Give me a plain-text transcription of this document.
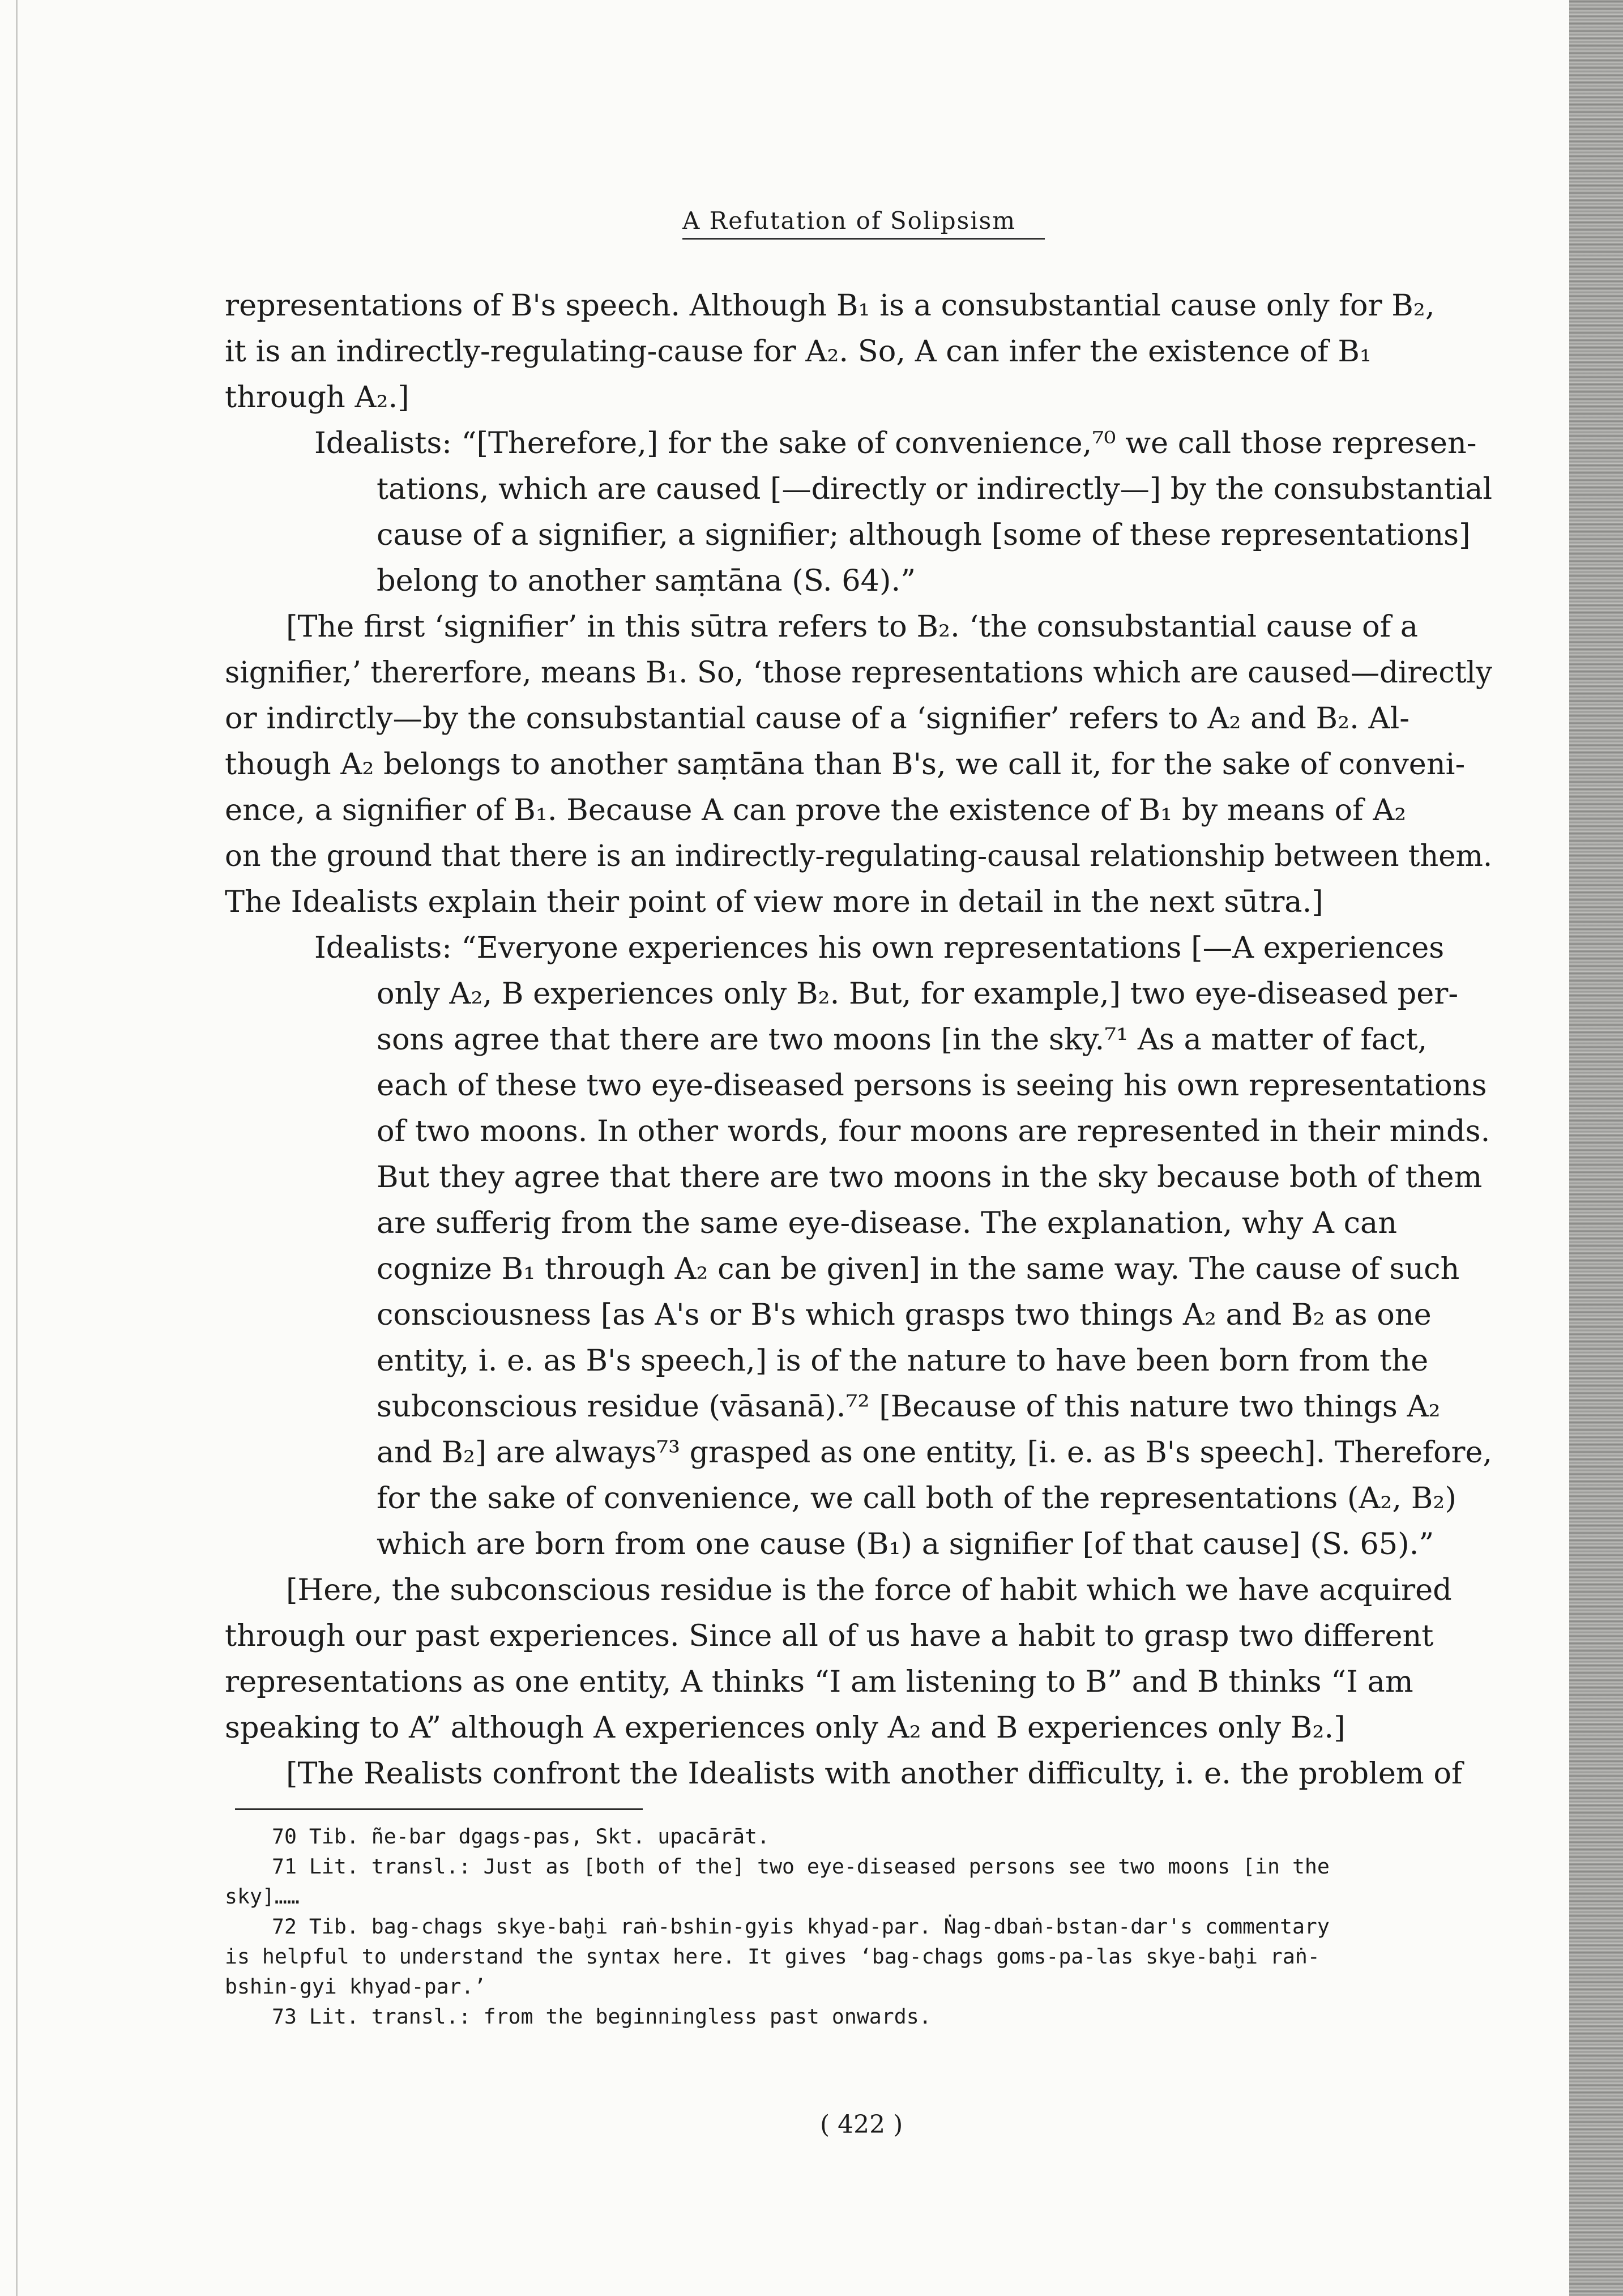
A Refutation of Solipsism
representations of B's speech. Although B₁ is a consubstantial cause only for B₂,
it is an indirectly-regulating-cause for A₂. So, A can infer the existence of B₁
through A₂.]
Idealists: “[Therefore,] for the sake of convenience,⁷⁰ we call those represen-
tations, which are caused [—directly or indirectly—] by the consubstantial
cause of a signifier, a signifier; although [some of these representations]
belong to another saṃtāna (S. 64).”
[The first ‘signifier’ in this sūtra refers to B₂. ‘the consubstantial cause of a
signifier,’ thererforе, means B₁. So, ‘those representations which are caused—directly
or indirctly—by the consubstantial cause of a ‘signifier’ refers to A₂ and B₂. Al-
though A₂ belongs to another saṃtāna than B's, we call it, for the sake of conveni-
ence, a signifier of B₁. Because A can prove the existence of B₁ by means of A₂
on the ground that there is an indirectly-regulating-causal relationship between them.
The Idealists explain their point of view more in detail in the next sūtra.]
Idealists: “Everyone experiences his own representations [—A experiences
only A₂, B experiences only B₂. But, for example,] two eye-diseased per-
sons agree that there are two moons [in the sky.⁷¹ As a matter of fact,
each of these two eye-diseased persons is seeing his own representations
of two moons. In other words, four moons are represented in their minds.
But they agree that there are two moons in the sky because both of them
are sufferig from the same eye-disease. The explanation, why A can
cognize B₁ through A₂ can be given] in the same way. The cause of such
consciousness [as A's or B's which grasps two things A₂ and B₂ as one
entity, i. e. as B's speech,] is of the nature to have been born from the
subconscious residue (vāsanā).⁷² [Because of this nature two things A₂
and B₂] are always⁷³ grasped as one entity, [i. e. as B's speech]. Therefore,
for the sake of convenience, we call both of the representations (A₂, B₂)
which are born from one cause (B₁) a signifier [of that cause] (S. 65).”
[Here, the subconscious residue is the force of habit which we have acquired
through our past experiences. Since all of us have a habit to grasp two different
representations as one entity, A thinks “I am listening to B” and B thinks “I am
speaking to A” although A experiences only A₂ and B experiences only B₂.]
[The Realists confront the Idealists with another difficulty, i. e. the problem of
70 Tib. ñe-bar dgags-pas, Skt. upacārāt.
71 Lit. transl.: Just as [both of the] two eye-diseased persons see two moons [in the
sky]……
72 Tib. bag-chags skye-baḫi raṅ-bshin-gyis khyad-par. Ṅag-dbaṅ-bstan-dar's commentary
is helpful to understand the syntax here. It gives ‘bag-chags goms-pa-las skye-baḫi raṅ-
bshin-gyi khyad-par.’
73 Lit. transl.: from the beginningless past onwards.
( 422 )
